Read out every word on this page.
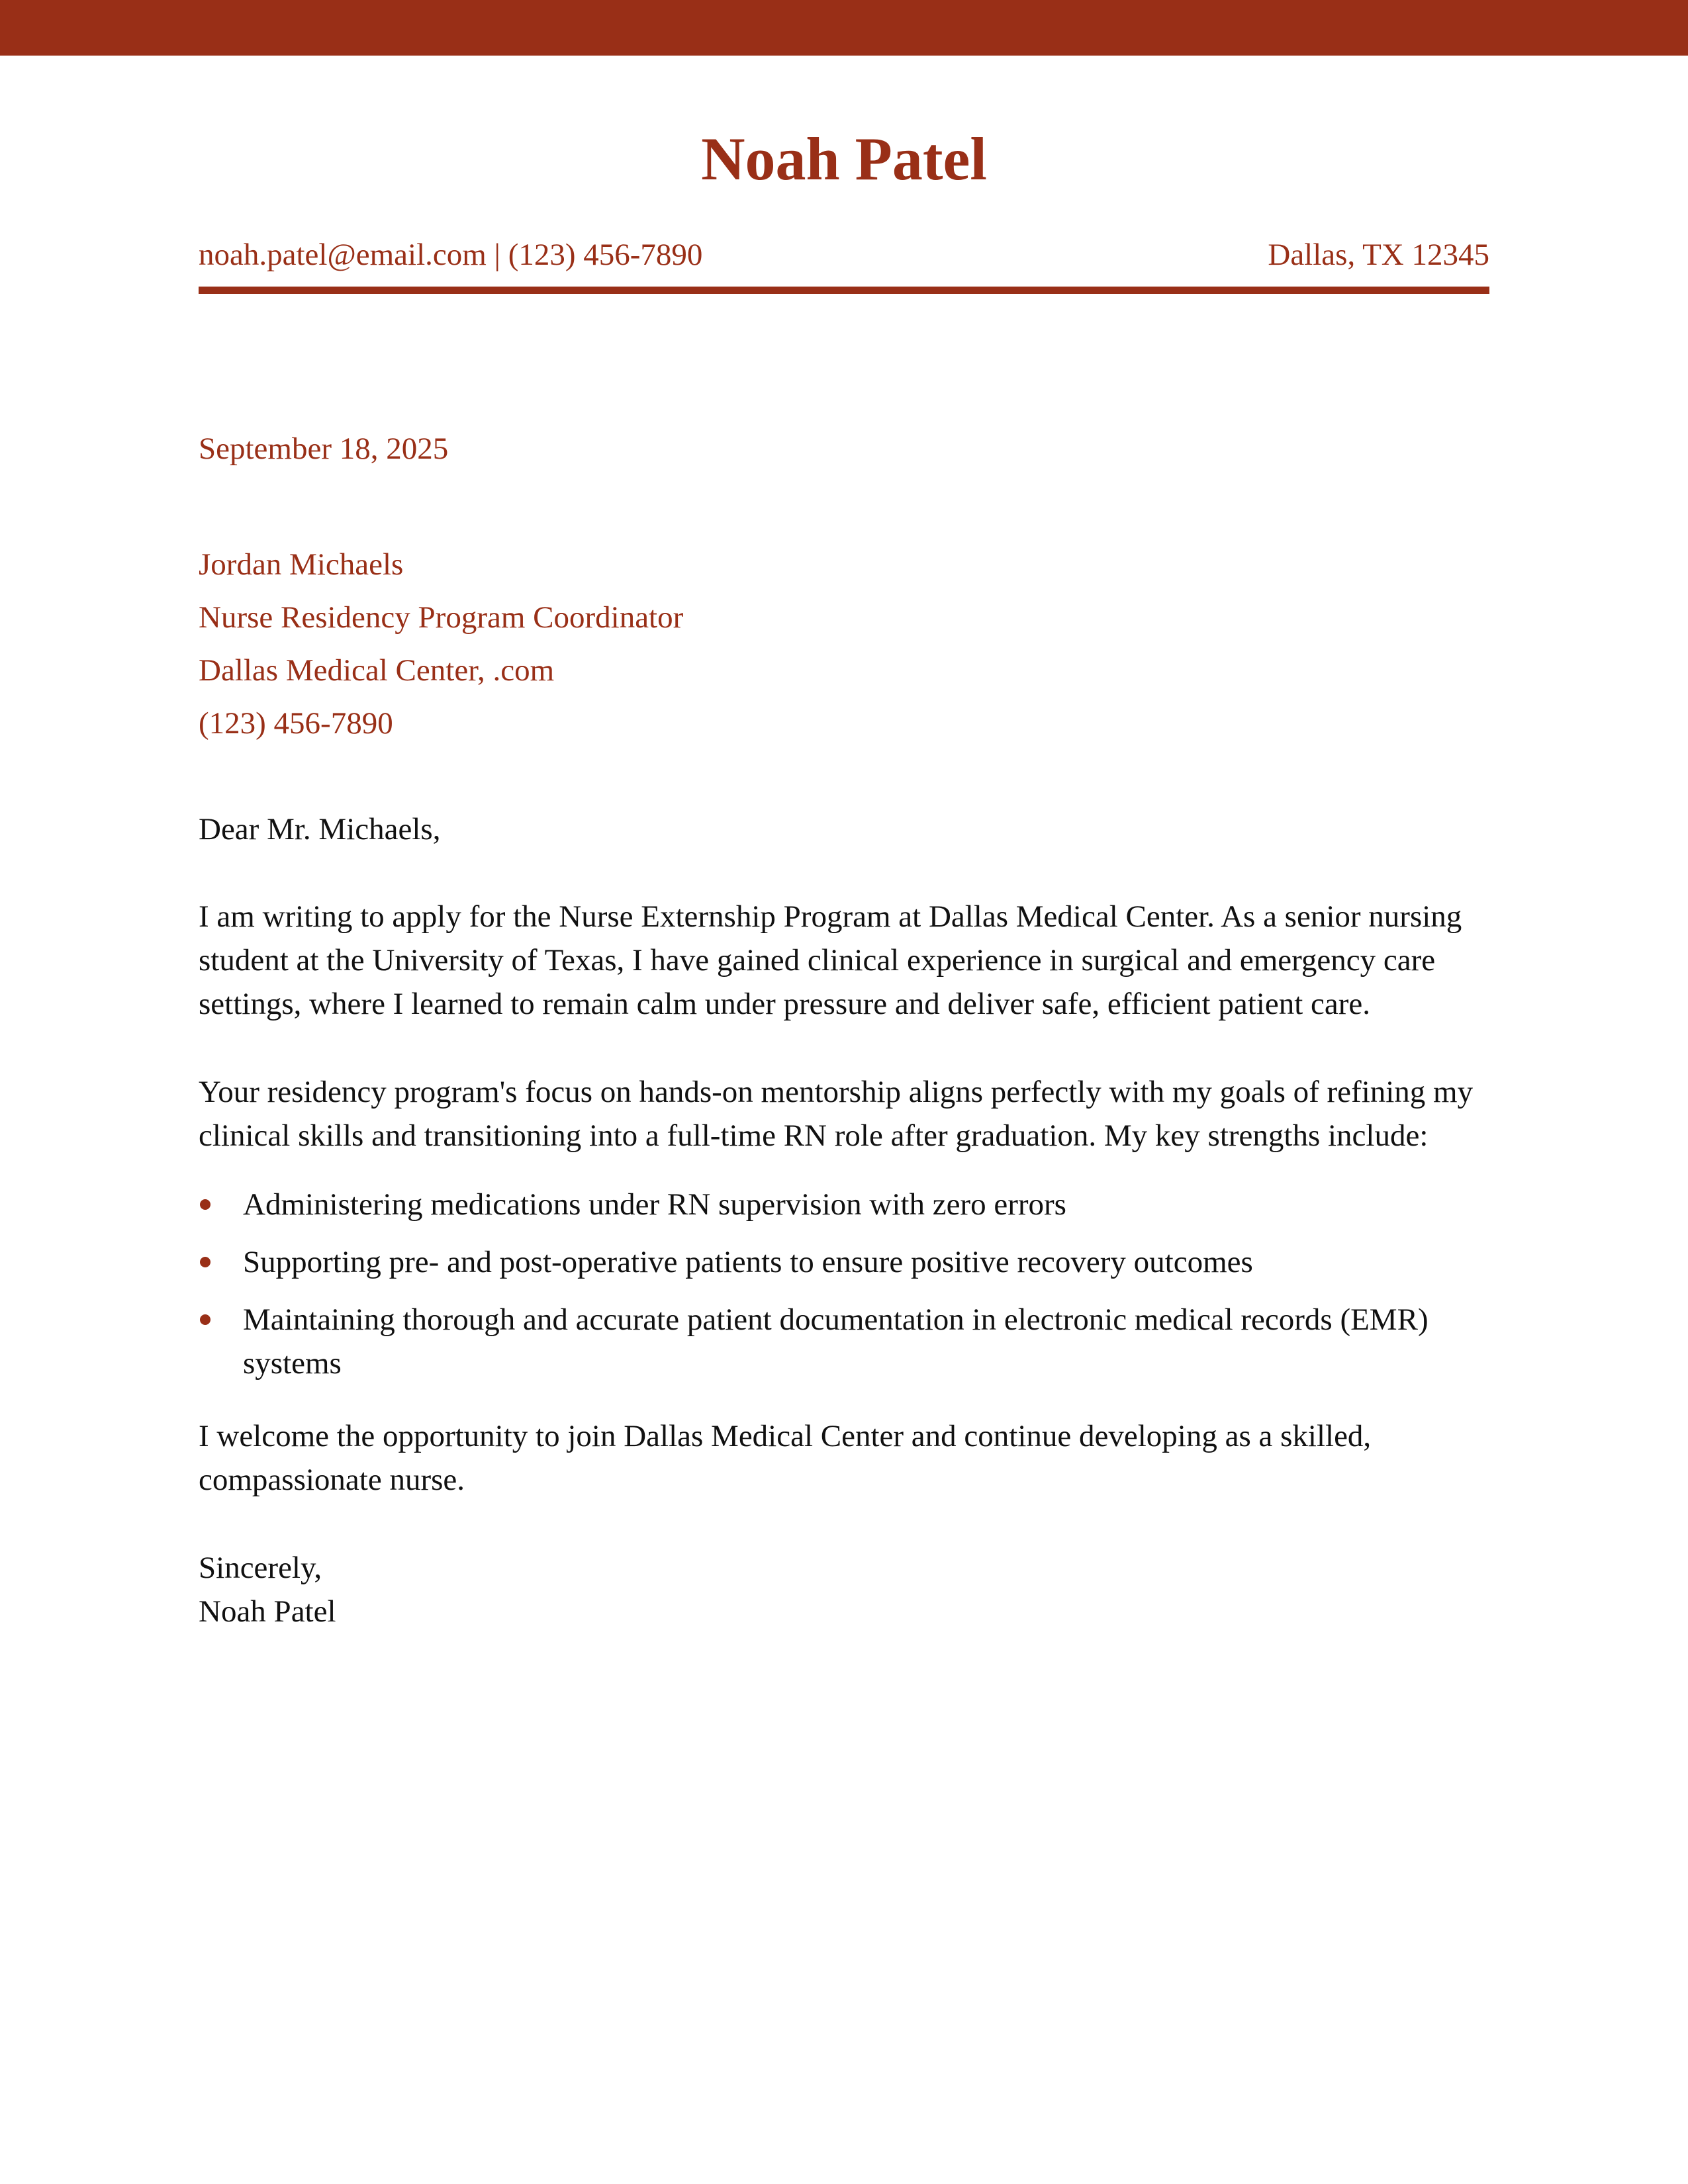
Noah Patel
noah.patel@email.com | (123) 456-7890	Dallas, TX 12345
September 18, 2025
Jordan Michaels
Nurse Residency Program Coordinator
Dallas Medical Center, .com
(123) 456-7890

Dear Mr. Michaels,

I am writing to apply for the Nurse Externship Program at Dallas Medical Center. As a senior nursing student at the University of Texas, I have gained clinical experience in surgical and emergency care settings, where I learned to remain calm under pressure and deliver safe, efficient patient care.

Your residency program's focus on hands-on mentorship aligns perfectly with my goals of refining my clinical skills and transitioning into a full-time RN role after graduation. My key strengths include:

Administering medications under RN supervision with zero errors
Supporting pre- and post-operative patients to ensure positive recovery outcomes
Maintaining thorough and accurate patient documentation in electronic medical records (EMR) systems

I welcome the opportunity to join Dallas Medical Center and continue developing as a skilled, compassionate nurse.

Sincerely,
Noah Patel
